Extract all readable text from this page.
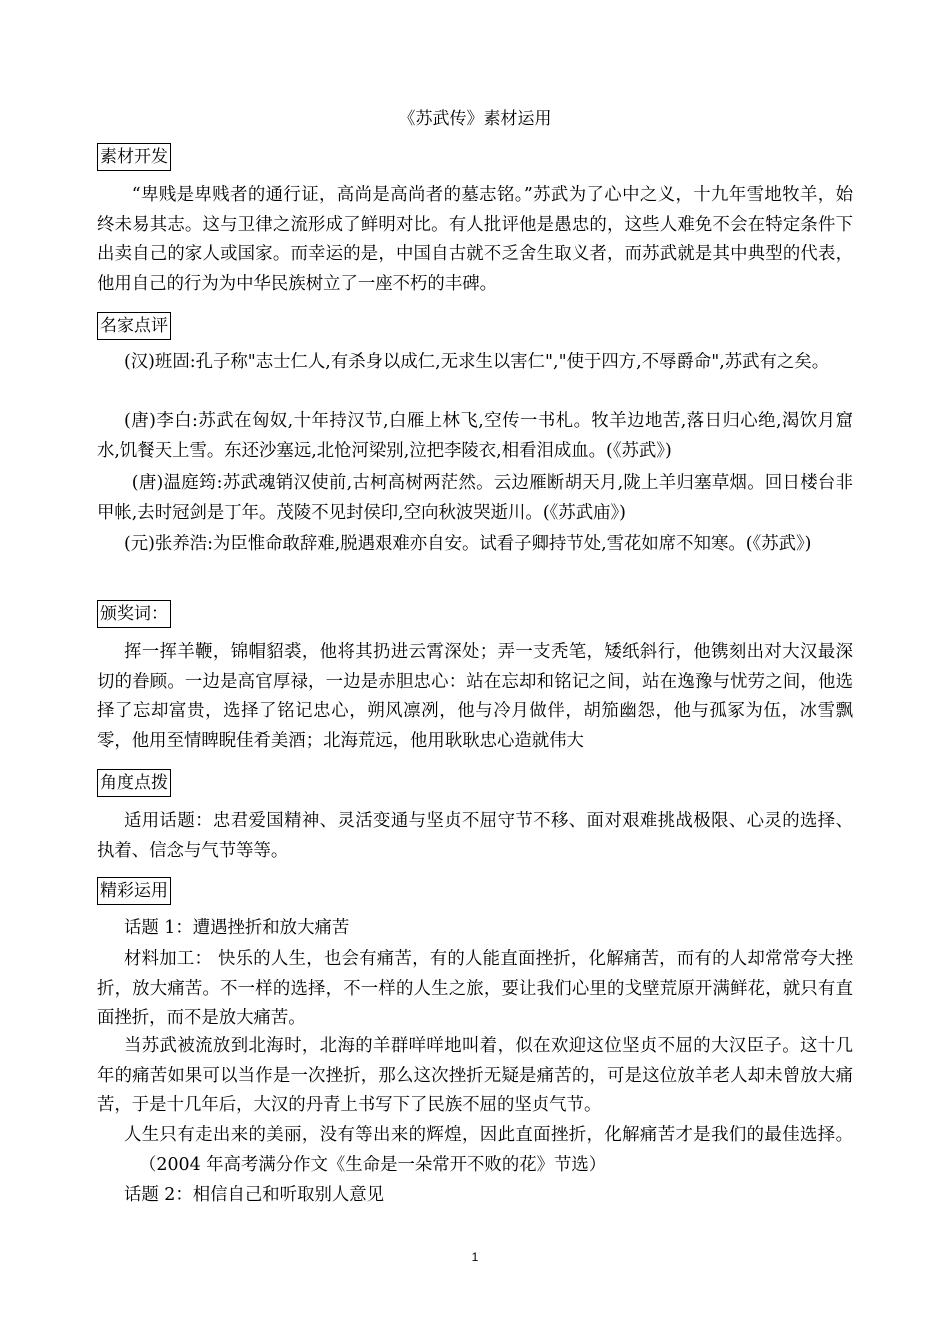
《苏武传》素材运用
素材开发

“卑贱是卑贱者的通行证，高尚是高尚者的墓志铭。”苏武为了心中之义，十九年雪地牧羊，始终未易其志。这与卫律之流形成了鲜明对比。有人批评他是愚忠的，这些人难免不会在特定条件下出卖自己的家人或国家。而幸运的是，中国自古就不乏舍生取义者，而苏武就是其中典型的代表，他用自己的行为为中华民族树立了一座不朽的丰碑。

名家点评

(汉)班固:孔子称"志士仁人,有杀身以成仁,无求生以害仁","使于四方,不辱爵命",苏武有之矣。

(唐)李白:苏武在匈奴,十年持汉节,白雁上林飞,空传一书札。牧羊边地苦,落日归心绝,渴饮月窟水,饥餐天上雪。东还沙塞远,北怆河梁别,泣把李陵衣,相看泪成血。(《苏武》)

(唐)温庭筠:苏武魂销汉使前,古柯高树两茫然。云边雁断胡天月,陇上羊归塞草烟。回日楼台非甲帐,去时冠剑是丁年。茂陵不见封侯印,空向秋波哭逝川。(《苏武庙》)

(元)张养浩:为臣惟命敢辞难,脱遇艰难亦自安。试看子卿持节处,雪花如席不知寒。(《苏武》)

颁奖词：

挥一挥羊鞭，锦帽貂裘，他将其扔进云霄深处；弄一支秃笔，矮纸斜行，他镌刻出对大汉最深切的眷顾。一边是高官厚禄，一边是赤胆忠心：站在忘却和铭记之间，站在逸豫与忧劳之间，他选择了忘却富贵，选择了铭记忠心，朔风凛冽，他与冷月做伴，胡笳幽怨，他与孤冢为伍，冰雪飘零，他用至情睥睨佳肴美酒；北海荒远，他用耿耿忠心造就伟大

角度点拨

适用话题：忠君爱国精神、灵活变通与坚贞不屈守节不移、面对艰难挑战极限、心灵的选择、执着、信念与气节等等。

精彩运用

话题 1：遭遇挫折和放大痛苦

材料加工： 快乐的人生，也会有痛苦，有的人能直面挫折，化解痛苦，而有的人却常常夸大挫折，放大痛苦。不一样的选择，不一样的人生之旅，要让我们心里的戈壁荒原开满鲜花，就只有直面挫折，而不是放大痛苦。

当苏武被流放到北海时，北海的羊群咩咩地叫着，似在欢迎这位坚贞不屈的大汉臣子。这十几年的痛苦如果可以当作是一次挫折，那么这次挫折无疑是痛苦的，可是这位放羊老人却未曾放大痛苦，于是十几年后，大汉的丹青上书写下了民族不屈的坚贞气节。

人生只有走出来的美丽，没有等出来的辉煌，因此直面挫折，化解痛苦才是我们的最佳选择。（2004 年高考满分作文《生命是一朵常开不败的花》节选）

话题 2：相信自己和听取别人意见

1
